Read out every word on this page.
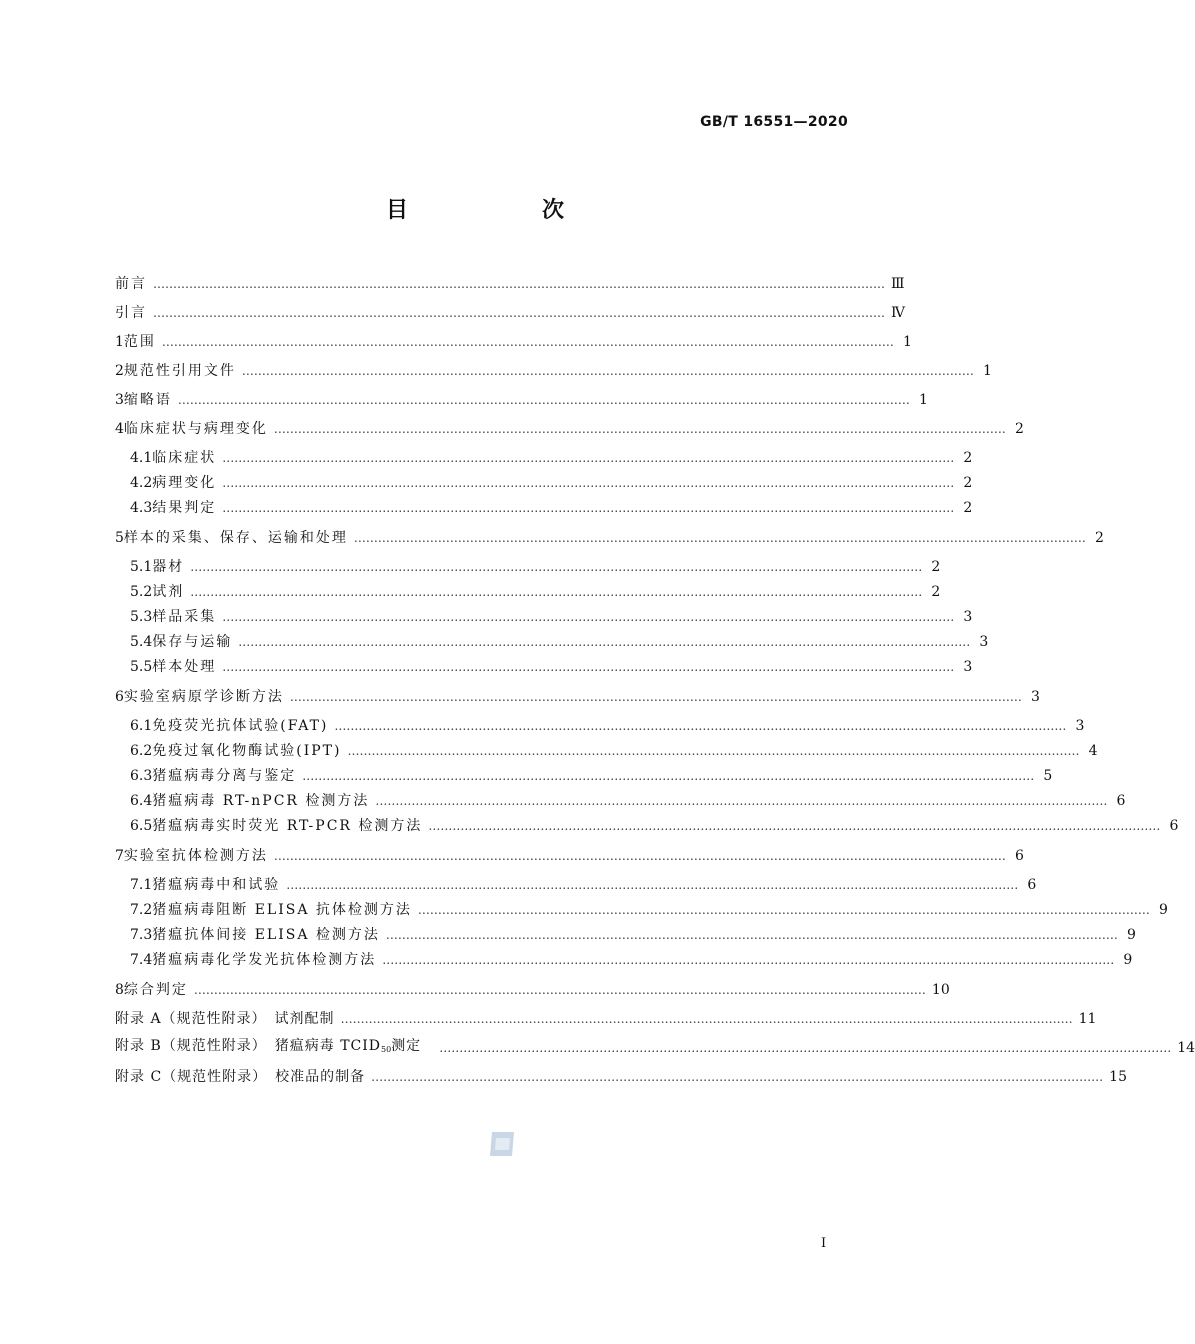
GB/T 16551—2020
目　次
前言 ………………………………………………………………………………………………………………………………………………………………… Ⅲ
引言 ………………………………………………………………………………………………………………………………………………………………… Ⅳ
1 范围 ………………………………………………………………………………………………………………………………………………………………… 1
2 规范性引用文件 ………………………………………………………………………………………………………………………………………………………………… 1
3 缩略语 ………………………………………………………………………………………………………………………………………………………………… 1
4 临床症状与病理变化 ………………………………………………………………………………………………………………………………………………………………… 2
4.1 临床症状 ………………………………………………………………………………………………………………………………………………………………… 2
4.2 病理变化 ………………………………………………………………………………………………………………………………………………………………… 2
4.3 结果判定 ………………………………………………………………………………………………………………………………………………………………… 2
5 样本的采集、保存、运输和处理 ………………………………………………………………………………………………………………………………………………………………… 2
5.1 器材 ………………………………………………………………………………………………………………………………………………………………… 2
5.2 试剂 ………………………………………………………………………………………………………………………………………………………………… 2
5.3 样品采集 ………………………………………………………………………………………………………………………………………………………………… 3
5.4 保存与运输 ………………………………………………………………………………………………………………………………………………………………… 3
5.5 样本处理 ………………………………………………………………………………………………………………………………………………………………… 3
6 实验室病原学诊断方法 ………………………………………………………………………………………………………………………………………………………………… 3
6.1 免疫荧光抗体试验(FAT) ………………………………………………………………………………………………………………………………………………………………… 3
6.2 免疫过氧化物酶试验(IPT) ………………………………………………………………………………………………………………………………………………………………… 4
6.3 猪瘟病毒分离与鉴定 ………………………………………………………………………………………………………………………………………………………………… 5
6.4 猪瘟病毒 RT-nPCR 检测方法 ………………………………………………………………………………………………………………………………………………………………… 6
6.5 猪瘟病毒实时荧光 RT-PCR 检测方法 ………………………………………………………………………………………………………………………………………………………………… 6
7 实验室抗体检测方法 ………………………………………………………………………………………………………………………………………………………………… 6
7.1 猪瘟病毒中和试验 ………………………………………………………………………………………………………………………………………………………………… 6
7.2 猪瘟病毒阻断 ELISA 抗体检测方法 ………………………………………………………………………………………………………………………………………………………………… 9
7.3 猪瘟抗体间接 ELISA 检测方法 ………………………………………………………………………………………………………………………………………………………………… 9
7.4 猪瘟病毒化学发光抗体检测方法 ………………………………………………………………………………………………………………………………………………………………… 9
8 综合判定 ………………………………………………………………………………………………………………………………………………………………… 10
附录 A（规范性附录）　试剂配制 ………………………………………………………………………………………………………………………………………………………………… 11
附录 B（规范性附录）　猪瘟病毒 $TCID_{50}$测定 ………………………………………………………………………………………………………………………………………………………………… 14
附录 C（规范性附录）　校准品的制备 ………………………………………………………………………………………………………………………………………………………………… 15
Ⅰ
